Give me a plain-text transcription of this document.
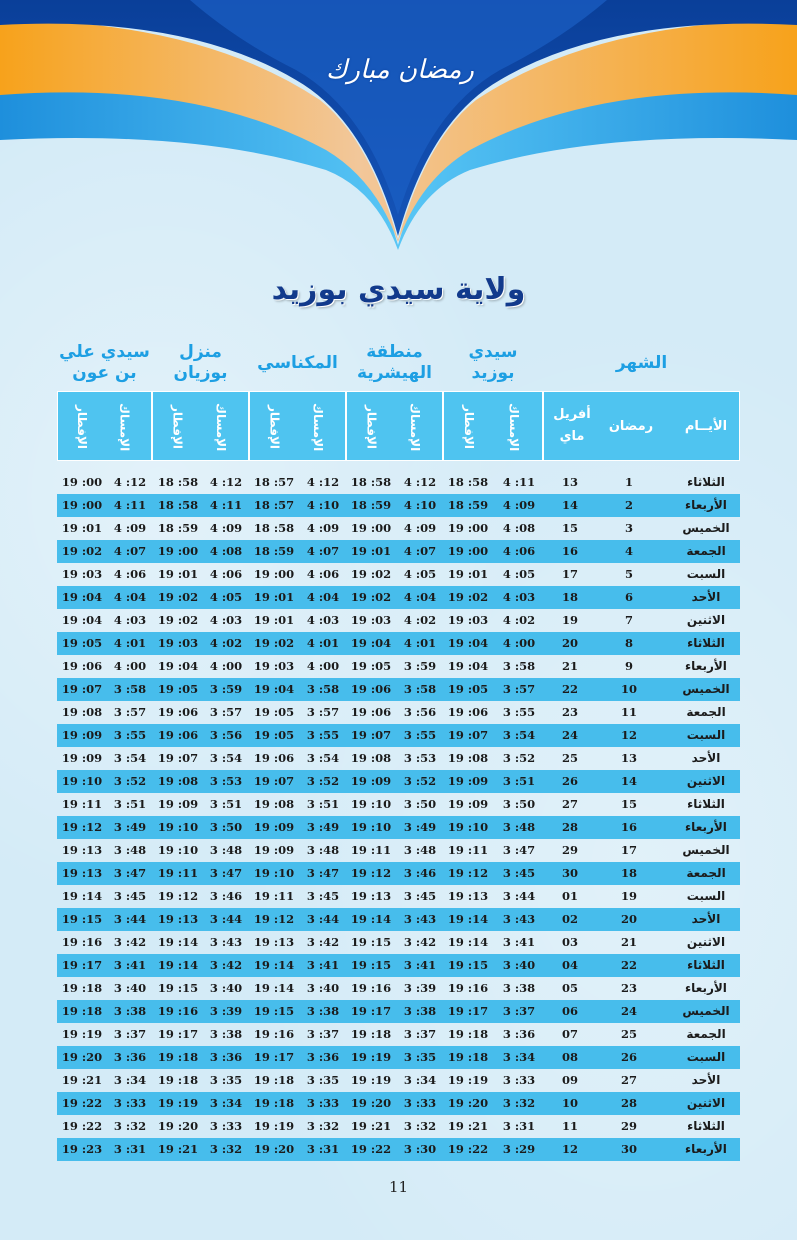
رمضان مبارك
ولاية سيدي بوزيد
الشهر
سيدي
بوزيد
منطقة
الهيشرية
المكناسي
منزل
بوزيان
سيدي علي
بن عون
الأيــام
رمضان
أفريل ماي
الإمساك
الإفطار
الإمساك
الإفطار
الإمساك
الإفطار
الإمساك
الإفطار
الإمساك
الإفطار
الثلاثاء
1
13
4 :11
18 :58
4 :12
18 :58
4 :12
18 :57
4 :12
18 :58
4 :12
19 :00
الأربعاء
2
14
4 :09
18 :59
4 :10
18 :59
4 :10
18 :57
4 :11
18 :58
4 :11
19 :00
الخميس
3
15
4 :08
19 :00
4 :09
19 :00
4 :09
18 :58
4 :09
18 :59
4 :09
19 :01
الجمعة
4
16
4 :06
19 :00
4 :07
19 :01
4 :07
18 :59
4 :08
19 :00
4 :07
19 :02
السبت
5
17
4 :05
19 :01
4 :05
19 :02
4 :06
19 :00
4 :06
19 :01
4 :06
19 :03
الأحد
6
18
4 :03
19 :02
4 :04
19 :02
4 :04
19 :01
4 :05
19 :02
4 :04
19 :04
الاثنين
7
19
4 :02
19 :03
4 :02
19 :03
4 :03
19 :01
4 :03
19 :02
4 :03
19 :04
الثلاثاء
8
20
4 :00
19 :04
4 :01
19 :04
4 :01
19 :02
4 :02
19 :03
4 :01
19 :05
الأربعاء
9
21
3 :58
19 :04
3 :59
19 :05
4 :00
19 :03
4 :00
19 :04
4 :00
19 :06
الخميس
10
22
3 :57
19 :05
3 :58
19 :06
3 :58
19 :04
3 :59
19 :05
3 :58
19 :07
الجمعة
11
23
3 :55
19 :06
3 :56
19 :06
3 :57
19 :05
3 :57
19 :06
3 :57
19 :08
السبت
12
24
3 :54
19 :07
3 :55
19 :07
3 :55
19 :05
3 :56
19 :06
3 :55
19 :09
الأحد
13
25
3 :52
19 :08
3 :53
19 :08
3 :54
19 :06
3 :54
19 :07
3 :54
19 :09
الاثنين
14
26
3 :51
19 :09
3 :52
19 :09
3 :52
19 :07
3 :53
19 :08
3 :52
19 :10
الثلاثاء
15
27
3 :50
19 :09
3 :50
19 :10
3 :51
19 :08
3 :51
19 :09
3 :51
19 :11
الأربعاء
16
28
3 :48
19 :10
3 :49
19 :10
3 :49
19 :09
3 :50
19 :10
3 :49
19 :12
الخميس
17
29
3 :47
19 :11
3 :48
19 :11
3 :48
19 :09
3 :48
19 :10
3 :48
19 :13
الجمعة
18
30
3 :45
19 :12
3 :46
19 :12
3 :47
19 :10
3 :47
19 :11
3 :47
19 :13
السبت
19
01
3 :44
19 :13
3 :45
19 :13
3 :45
19 :11
3 :46
19 :12
3 :45
19 :14
الأحد
20
02
3 :43
19 :14
3 :43
19 :14
3 :44
19 :12
3 :44
19 :13
3 :44
19 :15
الاثنين
21
03
3 :41
19 :14
3 :42
19 :15
3 :42
19 :13
3 :43
19 :14
3 :42
19 :16
الثلاثاء
22
04
3 :40
19 :15
3 :41
19 :15
3 :41
19 :14
3 :42
19 :14
3 :41
19 :17
الأربعاء
23
05
3 :38
19 :16
3 :39
19 :16
3 :40
19 :14
3 :40
19 :15
3 :40
19 :18
الخميس
24
06
3 :37
19 :17
3 :38
19 :17
3 :38
19 :15
3 :39
19 :16
3 :38
19 :18
الجمعة
25
07
3 :36
19 :18
3 :37
19 :18
3 :37
19 :16
3 :38
19 :17
3 :37
19 :19
السبت
26
08
3 :34
19 :18
3 :35
19 :19
3 :36
19 :17
3 :36
19 :18
3 :36
19 :20
الأحد
27
09
3 :33
19 :19
3 :34
19 :19
3 :35
19 :18
3 :35
19 :18
3 :34
19 :21
الاثنين
28
10
3 :32
19 :20
3 :33
19 :20
3 :33
19 :18
3 :34
19 :19
3 :33
19 :22
الثلاثاء
29
11
3 :31
19 :21
3 :32
19 :21
3 :32
19 :19
3 :33
19 :20
3 :32
19 :22
الأربعاء
30
12
3 :29
19 :22
3 :30
19 :22
3 :31
19 :20
3 :32
19 :21
3 :31
19 :23
11
